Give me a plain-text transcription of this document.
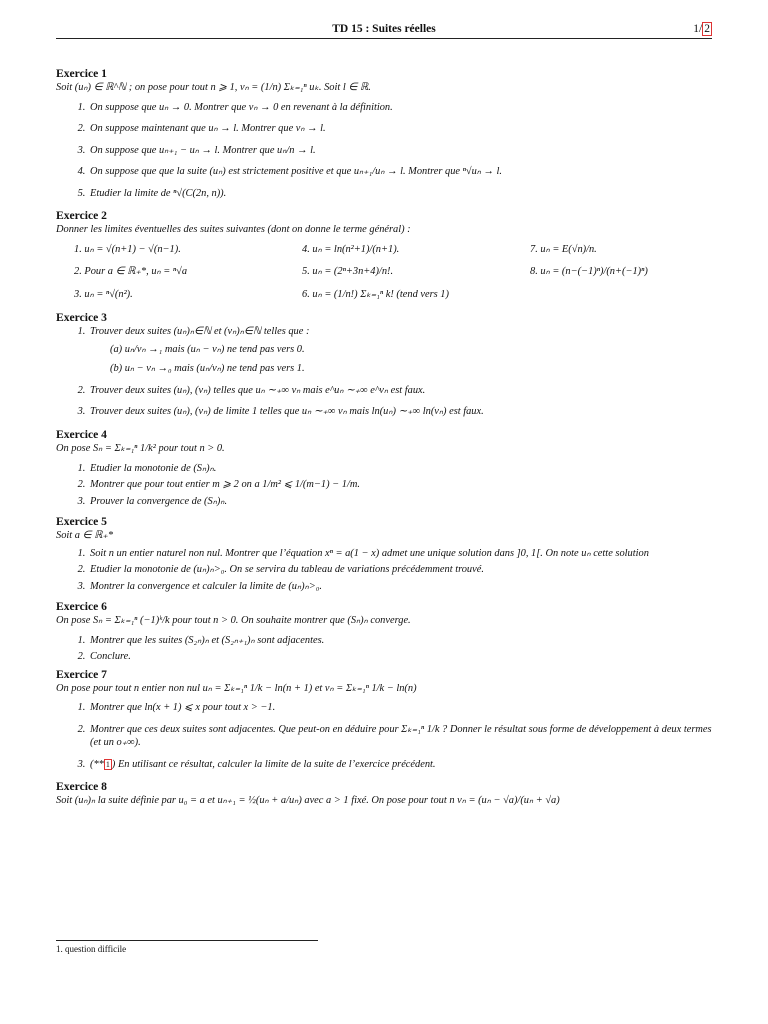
TD 15 : Suites réelles	1/ 2
Exercice 1
Soit (uₙ) ∈ ℝ^ℕ ; on pose pour tout n ⩾ 1, vₙ = (1/n) Σₖ₌₁ⁿ uₖ. Soit l ∈ ℝ.
1. On suppose que uₙ → 0. Montrer que vₙ → 0 en revenant à la définition.
2. On suppose maintenant que uₙ → l. Montrer que vₙ → l.
3. On suppose que uₙ₊₁ − uₙ → l. Montrer que uₙ/n → l.
4. On suppose que que la suite (uₙ) est strictement positive et que uₙ₊₁/uₙ → l. Montrer que ⁿ√uₙ → l.
5. Etudier la limite de ⁿ√(C(2n, n)).
Exercice 2
Donner les limites éventuelles des suites suivantes (dont on donne le terme général) :
1. uₙ = √(n+1) − √(n−1).	4. uₙ = ln(n²+1)/(n+1).	7. uₙ = E(√n)/n.
2. Pour a ∈ ℝ₊*, uₙ = ⁿ√a	5. uₙ = (2ⁿ+3n+4)/n!.	8. uₙ = (n−(−1)ⁿ)/(n+(−1)ⁿ)
3. uₙ = ⁿ√(n²).	6. uₙ = (1/n!) Σₖ₌₁ⁿ k! (tend vers 1)
Exercice 3
1. Trouver deux suites (uₙ)ₙ∈ℕ et (vₙ)ₙ∈ℕ telles que :
(a) uₙ/vₙ →₁ mais (uₙ − vₙ) ne tend pas vers 0.
(b) uₙ − vₙ →₀ mais (uₙ/vₙ) ne tend pas vers 1.
2. Trouver deux suites (uₙ), (vₙ) telles que uₙ ∼₊∞ vₙ mais e^uₙ ∼₊∞ e^vₙ est faux.
3. Trouver deux suites (uₙ), (vₙ) de limite 1 telles que uₙ ∼₊∞ vₙ mais ln(uₙ) ∼₊∞ ln(vₙ) est faux.
Exercice 4
On pose Sₙ = Σₖ₌₁ⁿ 1/k² pour tout n > 0.
1. Etudier la monotonie de (Sₙ)ₙ.
2. Montrer que pour tout entier m ⩾ 2 on a 1/m² ⩽ 1/(m−1) − 1/m.
3. Prouver la convergence de (Sₙ)ₙ.
Exercice 5
Soit a ∈ ℝ₊*
1. Soit n un entier naturel non nul. Montrer que l’équation xⁿ = a(1 − x) admet une unique solution dans ]0, 1[. On note uₙ cette solution
2. Etudier la monotonie de (uₙ)ₙ>₀. On se servira du tableau de variations précédemment trouvé.
3. Montrer la convergence et calculer la limite de (uₙ)ₙ>₀.
Exercice 6
On pose Sₙ = Σₖ₌₁ⁿ (−1)ᵏ/k pour tout n > 0. On souhaite montrer que (Sₙ)ₙ converge.
1. Montrer que les suites (S₂ₙ)ₙ et (S₂ₙ₊₁)ₙ sont adjacentes.
2. Conclure.
Exercice 7
On pose pour tout n entier non nul uₙ = Σₖ₌₁ⁿ 1/k − ln(n + 1) et vₙ = Σₖ₌₁ⁿ 1/k − ln(n)
1. Montrer que ln(x + 1) ⩽ x pour tout x > −1.
2. Montrer que ces deux suites sont adjacentes. Que peut-on en déduire pour Σₖ₌₁ⁿ 1/k ? Donner le résultat sous forme de développement à deux termes (et un o₊∞).
3. (** 1 ) En utilisant ce résultat, calculer la limite de la suite de l’exercice précédent.
Exercice 8
Soit (uₙ)ₙ la suite définie par u₀ = a et uₙ₊₁ = ½(uₙ + a/uₙ) avec a > 1 fixé. On pose pour tout n vₙ = (uₙ − √a)/(uₙ + √a)
1. question difficile
